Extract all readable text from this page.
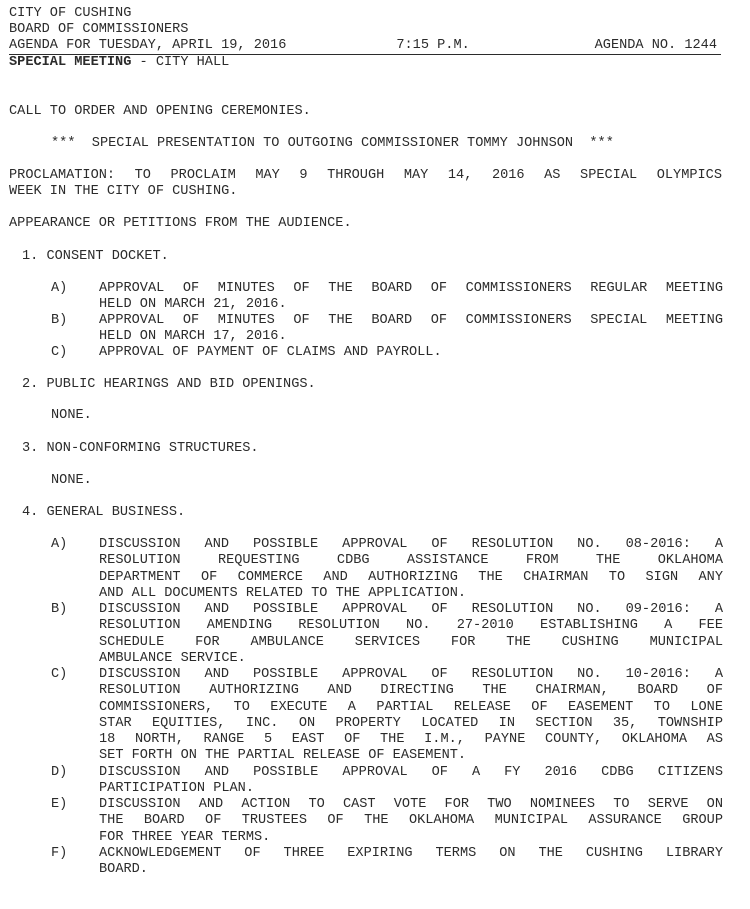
CITY OF CUSHING
BOARD OF COMMISSIONERS
AGENDA FOR TUESDAY, APRIL 19, 2016	7:15 P.M.	AGENDA NO. 1244
SPECIAL MEETING - CITY HALL
CALL TO ORDER AND OPENING CEREMONIES.
***  SPECIAL PRESENTATION TO OUTGOING COMMISSIONER TOMMY JOHNSON  ***
PROCLAMATION: TO PROCLAIM MAY 9 THROUGH MAY 14, 2016 AS SPECIAL OLYMPICS
WEEK IN THE CITY OF CUSHING.
APPEARANCE OR PETITIONS FROM THE AUDIENCE.
1. CONSENT DOCKET.
A) APPROVAL OF MINUTES OF THE BOARD OF COMMISSIONERS REGULAR MEETING
HELD ON MARCH 21, 2016.
B) APPROVAL OF MINUTES OF THE BOARD OF COMMISSIONERS SPECIAL MEETING
HELD ON MARCH 17, 2016.
C) APPROVAL OF PAYMENT OF CLAIMS AND PAYROLL.
2. PUBLIC HEARINGS AND BID OPENINGS.
NONE.
3. NON-CONFORMING STRUCTURES.
NONE.
4. GENERAL BUSINESS.
A) DISCUSSION AND POSSIBLE APPROVAL OF RESOLUTION NO. 08-2016: A
RESOLUTION REQUESTING CDBG ASSISTANCE FROM THE OKLAHOMA
DEPARTMENT OF COMMERCE AND AUTHORIZING THE CHAIRMAN TO SIGN ANY
AND ALL DOCUMENTS RELATED TO THE APPLICATION.
B) DISCUSSION AND POSSIBLE APPROVAL OF RESOLUTION NO. 09-2016: A
RESOLUTION AMENDING RESOLUTION NO. 27-2010 ESTABLISHING A FEE
SCHEDULE FOR AMBULANCE SERVICES FOR THE CUSHING MUNICIPAL
AMBULANCE SERVICE.
C) DISCUSSION AND POSSIBLE APPROVAL OF RESOLUTION NO. 10-2016: A
RESOLUTION AUTHORIZING AND DIRECTING THE CHAIRMAN, BOARD OF
COMMISSIONERS, TO EXECUTE A PARTIAL RELEASE OF EASEMENT TO LONE
STAR EQUITIES, INC. ON PROPERTY LOCATED IN SECTION 35, TOWNSHIP
18 NORTH, RANGE 5 EAST OF THE I.M., PAYNE COUNTY, OKLAHOMA AS
SET FORTH ON THE PARTIAL RELEASE OF EASEMENT.
D) DISCUSSION AND POSSIBLE APPROVAL OF A FY 2016 CDBG CITIZENS
PARTICIPATION PLAN.
E) DISCUSSION AND ACTION TO CAST VOTE FOR TWO NOMINEES TO SERVE ON
THE BOARD OF TRUSTEES OF THE OKLAHOMA MUNICIPAL ASSURANCE GROUP
FOR THREE YEAR TERMS.
F) ACKNOWLEDGEMENT OF THREE EXPIRING TERMS ON THE CUSHING LIBRARY
BOARD.
